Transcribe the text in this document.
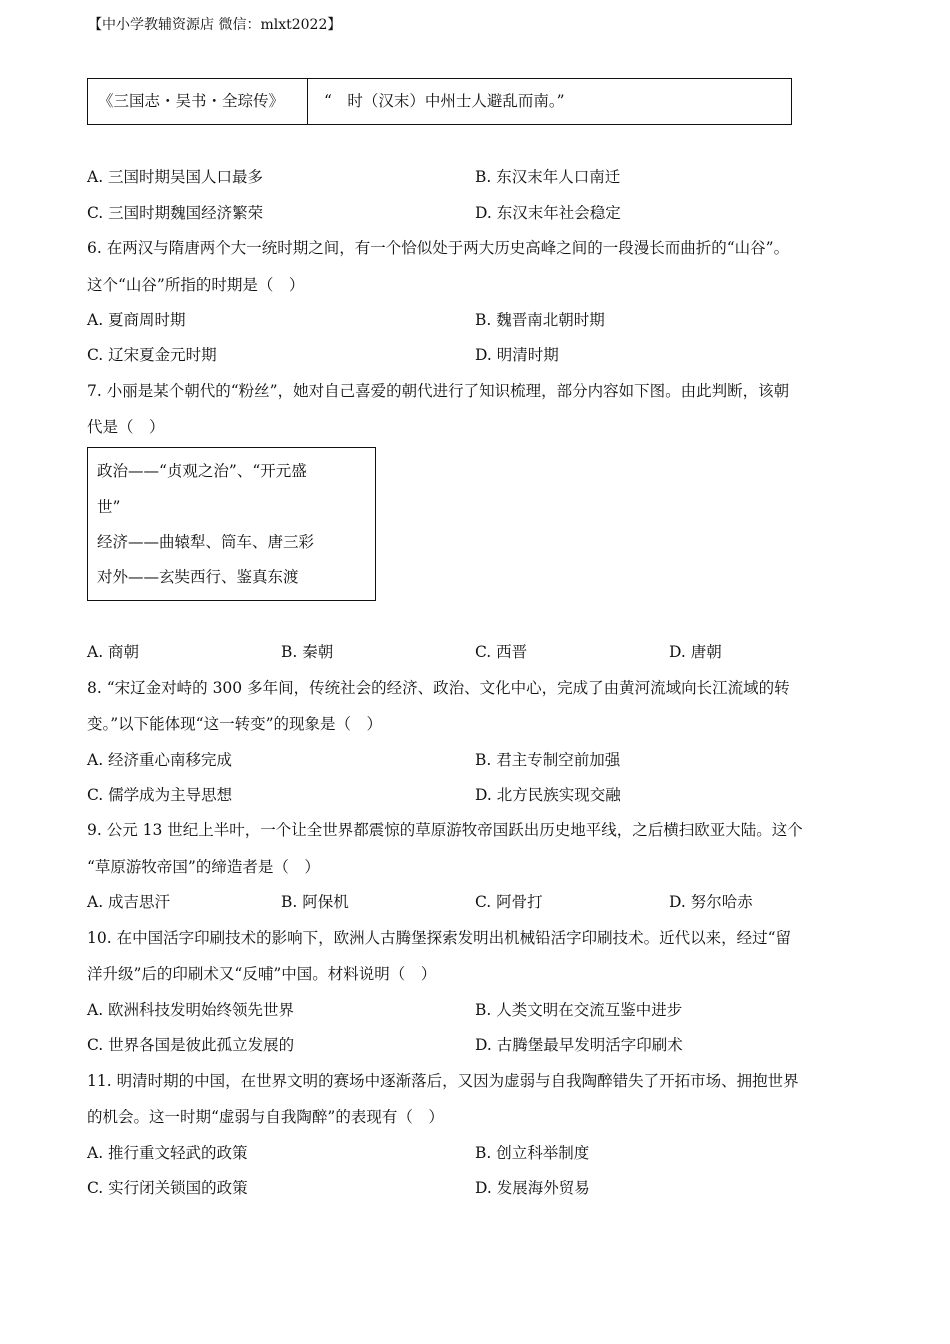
【中小学教辅资源店 微信：mlxt2022】
《三国志・吴书・全琮传》	“　时（汉末）中州士人避乱而南。”
A. 三国时期吴国人口最多	B. 东汉末年人口南迁
C. 三国时期魏国经济繁荣	D. 东汉末年社会稳定
6. 在两汉与隋唐两个大一统时期之间，有一个恰似处于两大历史高峰之间的一段漫长而曲折的“山谷”。
这个“山谷”所指的时期是（　）
A. 夏商周时期	B. 魏晋南北朝时期
C. 辽宋夏金元时期	D. 明清时期
7. 小丽是某个朝代的“粉丝”，她对自己喜爱的朝代进行了知识梳理，部分内容如下图。由此判断，该朝
代是（　）
政治——“贞观之治”、“开元盛
世”
经济——曲辕犁、筒车、唐三彩
对外——玄奘西行、鉴真东渡
A. 商朝	B. 秦朝	C. 西晋	D. 唐朝
8. “宋辽金对峙的 300 多年间，传统社会的经济、政治、文化中心，完成了由黄河流域向长江流域的转
变。”以下能体现“这一转变”的现象是（　）
A. 经济重心南移完成	B. 君主专制空前加强
C. 儒学成为主导思想	D. 北方民族实现交融
9. 公元 13 世纪上半叶，一个让全世界都震惊的草原游牧帝国跃出历史地平线，之后横扫欧亚大陆。这个
“草原游牧帝国”的缔造者是（　）
A. 成吉思汗	B. 阿保机	C. 阿骨打	D. 努尔哈赤
10. 在中国活字印刷技术的影响下，欧洲人古腾堡探索发明出机械铅活字印刷技术。近代以来，经过“留
洋升级”后的印刷术又“反哺”中国。材料说明（　）
A. 欧洲科技发明始终领先世界	B. 人类文明在交流互鉴中进步
C. 世界各国是彼此孤立发展的	D. 古腾堡最早发明活字印刷术
11. 明清时期的中国，在世界文明的赛场中逐渐落后，又因为虚弱与自我陶醉错失了开拓市场、拥抱世界
的机会。这一时期“虚弱与自我陶醉”的表现有（　）
A. 推行重文轻武的政策	B. 创立科举制度
C. 实行闭关锁国的政策	D. 发展海外贸易
